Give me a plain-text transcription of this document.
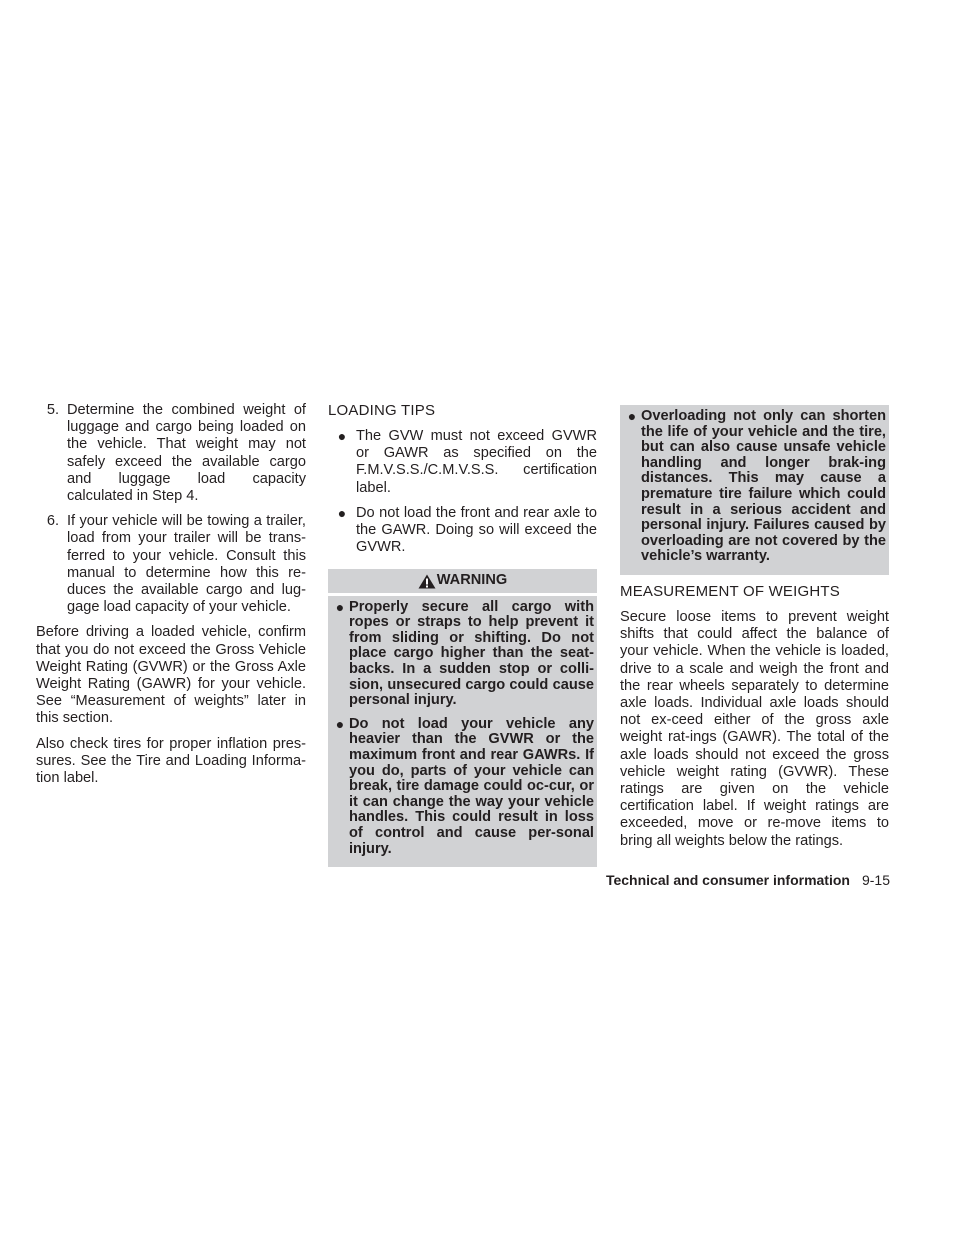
5. Determine the combined weight of luggage and cargo being loaded on the vehicle. That weight may not safely exceed the available cargo and luggage load capacity calculated in Step 4.
6. If your vehicle will be towing a trailer, load from your trailer will be trans-ferred to your vehicle. Consult this manual to determine how this re-duces the available cargo and lug-gage load capacity of your vehicle.

Before driving a loaded vehicle, confirm that you do not exceed the Gross Vehicle Weight Rating (GVWR) or the Gross Axle Weight Rating (GAWR) for your vehicle. See “Measurement of weights” later in this section.

Also check tires for proper inflation pres-sures. See the Tire and Loading Informa-tion label.

LOADING TIPS
● The GVW must not exceed GVWR or GAWR as specified on the F.M.V.S.S./C.M.V.S.S. certification label.
● Do not load the front and rear axle to the GAWR. Doing so will exceed the GVWR.
WARNING
● Properly secure all cargo with ropes or straps to help prevent it from sliding or shifting. Do not place cargo higher than the seat-backs. In a sudden stop or colli-sion, unsecured cargo could cause personal injury.
● Do not load your vehicle any heavier than the GVWR or the maximum front and rear GAWRs. If you do, parts of your vehicle can break, tire damage could oc-cur, or it can change the way your vehicle handles. This could result in loss of control and cause per-sonal injury.
● Overloading not only can shorten the life of your vehicle and the tire, but can also cause unsafe vehicle handling and longer brak-ing distances. This may cause a premature tire failure which could result in a serious accident and personal injury. Failures caused by overloading are not covered by the vehicle’s warranty.
MEASUREMENT OF WEIGHTS

Secure loose items to prevent weight shifts that could affect the balance of your vehicle. When the vehicle is loaded, drive to a scale and weigh the front and the rear wheels separately to determine axle loads. Individual axle loads should not ex-ceed either of the gross axle weight rat-ings (GAWR). The total of the axle loads should not exceed the gross vehicle weight rating (GVWR). These ratings are given on the vehicle certification label. If weight ratings are exceeded, move or re-move items to bring all weights below the ratings.

Technical and consumer information 9-15
